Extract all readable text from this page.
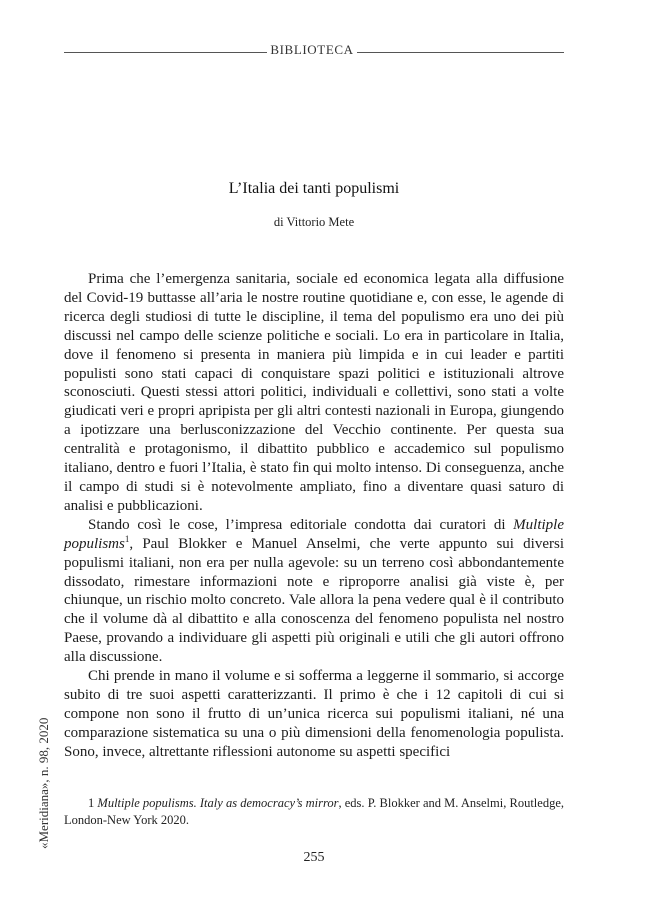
BIBLIOTECA
L’Italia dei tanti populismi
di Vittorio Mete

Prima che l’emergenza sanitaria, sociale ed economica legata alla diffusione del Covid-19 buttasse all’aria le nostre routine quotidiane e, con esse, le agende di ricerca degli studiosi di tutte le discipline, il tema del populismo era uno dei più discussi nel campo delle scienze politiche e sociali. Lo era in particolare in Italia, dove il fenomeno si presenta in maniera più limpida e in cui leader e partiti populisti sono stati capaci di conquistare spazi politici e istituzionali altrove sconosciuti. Questi stessi attori politici, individuali e collettivi, sono stati a volte giudicati veri e propri apripista per gli altri contesti nazionali in Europa, giungendo a ipotizzare una berlusconizzazione del Vecchio continente. Per questa sua centralità e protagonismo, il dibattito pubblico e accademico sul populismo italiano, dentro e fuori l’Italia, è stato fin qui molto intenso. Di conseguenza, anche il campo di studi si è notevolmente ampliato, fino a diventare quasi saturo di analisi e pubblicazioni.

Stando così le cose, l’impresa editoriale condotta dai curatori di Multiple populisms$^1$, Paul Blokker e Manuel Anselmi, che verte appunto sui diversi populismi italiani, non era per nulla agevole: su un terreno così abbondantemente dissodato, rimestare informazioni note e riproporre analisi già viste è, per chiunque, un rischio molto concreto. Vale allora la pena vedere qual è il contributo che il volume dà al dibattito e alla conoscenza del fenomeno populista nel nostro Paese, provando a individuare gli aspetti più originali e utili che gli autori offrono alla discussione.

Chi prende in mano il volume e si sofferma a leggerne il sommario, si accorge subito di tre suoi aspetti caratterizzanti. Il primo è che i 12 capitoli di cui si compone non sono il frutto di un’unica ricerca sui populismi italiani, né una comparazione sistematica su una o più dimensioni della fenomenologia populista. Sono, invece, altrettante riflessioni autonome su aspetti specifici

1 Multiple populisms. Italy as democracy’s mirror, eds. P. Blokker and M. Anselmi, Routledge, London-New York 2020.
255
«Meridiana», n. 98, 2020
